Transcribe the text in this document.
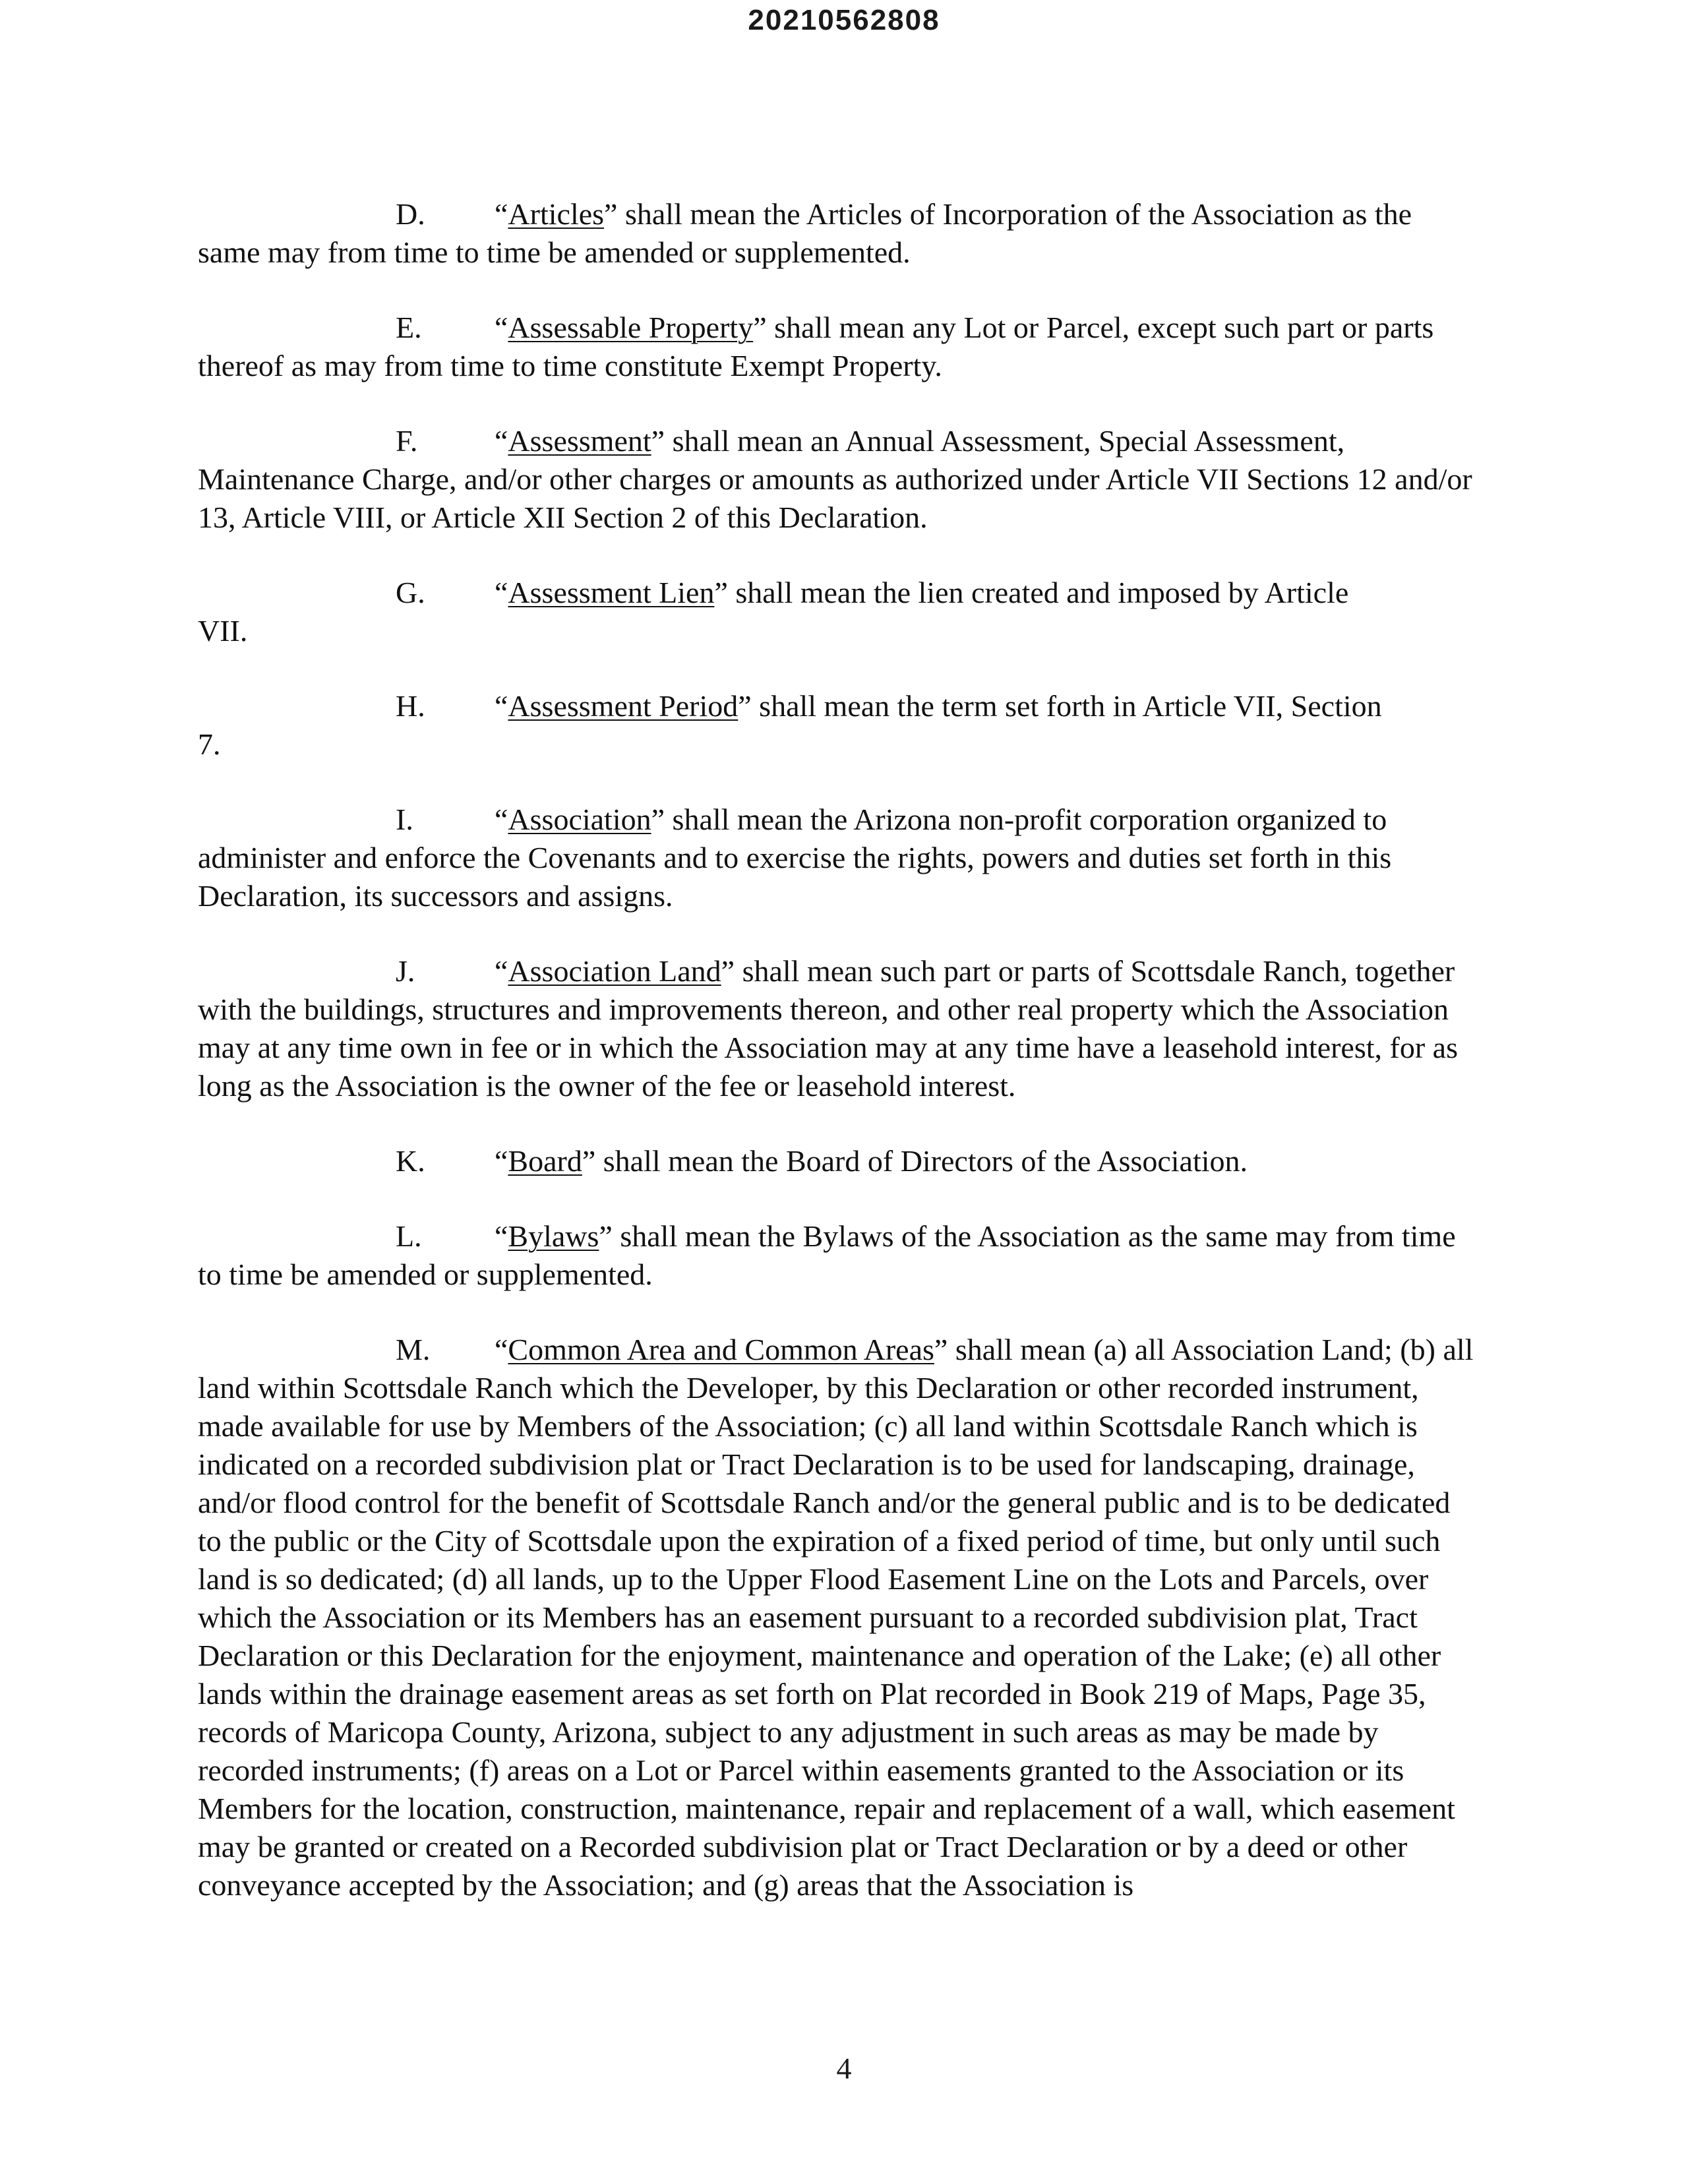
20210562808

D. “Articles” shall mean the Articles of Incorporation of the Association as the same may from time to time be amended or supplemented.

E. “Assessable Property” shall mean any Lot or Parcel, except such part or parts thereof as may from time to time constitute Exempt Property.

F.	“Assessment” shall mean an Annual Assessment, Special Assessment, Maintenance Charge, and/or other charges or amounts as authorized under Article VII Sections 12 and/or 13, Article VIII, or Article XII Section 2 of this Declaration.

G. “Assessment Lien” shall mean the lien created and imposed by Article
VII.
H. “Assessment Period” shall mean the term set forth in Article VII, Section
7.

I.	“Association” shall mean the Arizona non-profit corporation organized to administer and enforce the Covenants and to exercise the rights, powers and duties set forth in this Declaration, its successors and assigns.

J.	“Association Land” shall mean such part or parts of Scottsdale Ranch, together with the buildings, structures and improvements thereon, and other real property which the Association may at any time own in fee or in which the Association may at any time have a leasehold interest, for as long as the Association is the owner of the fee or leasehold interest.

K. “Board” shall mean the Board of Directors of the Association.

L. “Bylaws” shall mean the Bylaws of the Association as the same may from time to time be amended or supplemented.

M. “Common Area and Common Areas” shall mean (a) all Association Land; (b) all land within Scottsdale Ranch which the Developer, by this Declaration or other recorded instrument, made available for use by Members of the Association; (c) all land within Scottsdale Ranch which is indicated on a recorded subdivision plat or Tract Declaration is to be used for landscaping, drainage, and/or flood control for the benefit of Scottsdale Ranch and/or the general public and is to be dedicated to the public or the City of Scottsdale upon the expiration of a fixed period of time, but only until such land is so dedicated; (d) all lands, up to the Upper Flood Easement Line on the Lots and Parcels, over which the Association or its Members has an easement pursuant to a recorded subdivision plat, Tract Declaration or this Declaration for the enjoyment, maintenance and operation of the Lake; (e) all other lands within the drainage easement areas as set forth on Plat recorded in Book 219 of Maps, Page 35, records of Maricopa County, Arizona, subject to any adjustment in such areas as may be made by recorded instruments; (f) areas on a Lot or Parcel within easements granted to the Association or its Members for the location, construction, maintenance, repair and replacement of a wall, which easement may be granted or created on a Recorded subdivision plat or Tract Declaration or by a deed or other conveyance accepted by the Association; and (g) areas that the Association is

4
